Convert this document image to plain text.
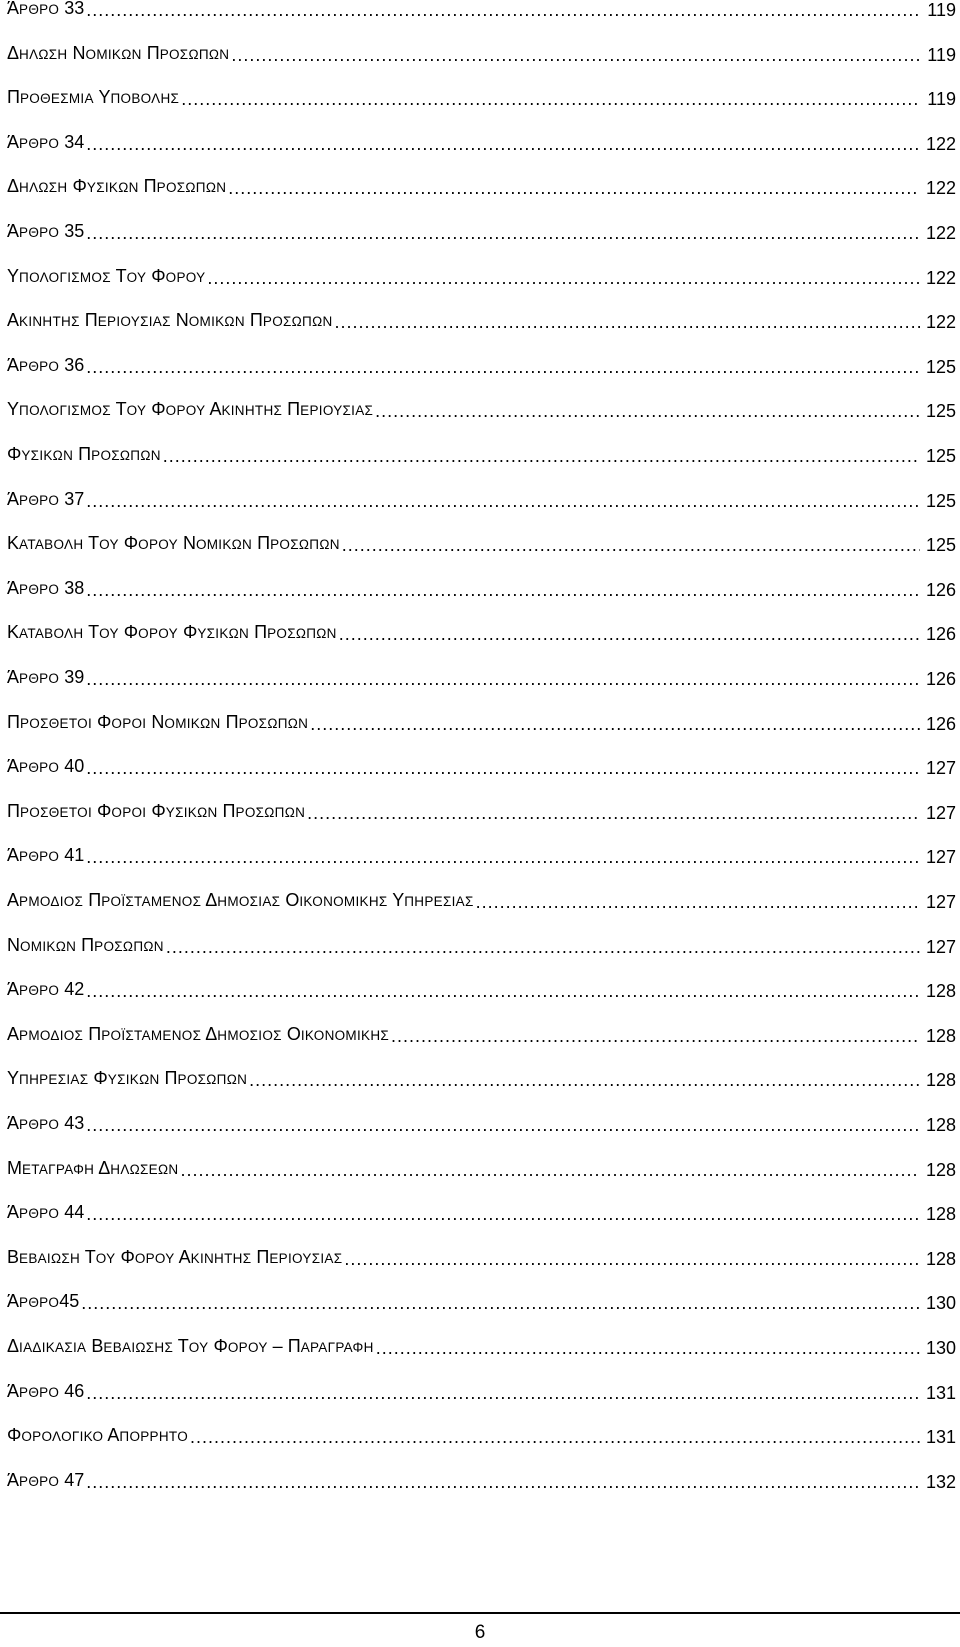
ΆΡΘΡΟ 33 .....	119
ΔΗΛΩΣΗ ΝΟΜΙΚΩΝ ΠΡΟΣΩΠΩΝ .....	119
ΠΡΟΘΕΣΜΙΑ ΥΠΟΒΟΛΗΣ .....	119
ΆΡΘΡΟ 34 .....	122
ΔΗΛΩΣΗ ΦΥΣΙΚΩΝ ΠΡΟΣΩΠΩΝ .....	122
ΆΡΘΡΟ 35 .....	122
ΥΠΟΛΟΓΙΣΜΟΣ ΤΟΥ ΦΟΡΟΥ .....	122
ΑΚΙΝΗΤΗΣ ΠΕΡΙΟΥΣΙΑΣ ΝΟΜΙΚΩΝ ΠΡΟΣΩΠΩΝ .....	122
ΆΡΘΡΟ 36 .....	125
ΥΠΟΛΟΓΙΣΜΟΣ ΤΟΥ ΦΟΡΟΥ ΑΚΙΝΗΤΗΣ ΠΕΡΙΟΥΣΙΑΣ .....	125
ΦΥΣΙΚΩΝ ΠΡΟΣΩΠΩΝ .....	125
ΆΡΘΡΟ 37 .....	125
ΚΑΤΑΒΟΛΗ ΤΟΥ ΦΟΡΟΥ ΝΟΜΙΚΩΝ ΠΡΟΣΩΠΩΝ .....	125
ΆΡΘΡΟ 38 .....	126
ΚΑΤΑΒΟΛΗ ΤΟΥ ΦΟΡΟΥ ΦΥΣΙΚΩΝ ΠΡΟΣΩΠΩΝ .....	126
ΆΡΘΡΟ 39 .....	126
ΠΡΟΣΘΕΤΟΙ ΦΟΡΟΙ ΝΟΜΙΚΩΝ ΠΡΟΣΩΠΩΝ .....	126
ΆΡΘΡΟ 40 .....	127
ΠΡΟΣΘΕΤΟΙ ΦΟΡΟΙ ΦΥΣΙΚΩΝ ΠΡΟΣΩΠΩΝ .....	127
ΆΡΘΡΟ 41 .....	127
ΑΡΜΟΔΙΟΣ ΠΡΟΪΣΤΑΜΕΝΟΣ ΔΗΜΟΣΙΑΣ ΟΙΚΟΝΟΜΙΚΗΣ ΥΠΗΡΕΣΙΑΣ .....	127
ΝΟΜΙΚΩΝ ΠΡΟΣΩΠΩΝ .....	127
ΆΡΘΡΟ 42 .....	128
ΑΡΜΟΔΙΟΣ ΠΡΟΪΣΤΑΜΕΝΟΣ ΔΗΜΟΣΙΟΣ ΟΙΚΟΝΟΜΙΚΗΣ .....	128
ΥΠΗΡΕΣΙΑΣ ΦΥΣΙΚΩΝ ΠΡΟΣΩΠΩΝ .....	128
ΆΡΘΡΟ 43 .....	128
ΜΕΤΑΓΡΑΦΗ ΔΗΛΩΣΕΩΝ .....	128
ΆΡΘΡΟ 44 .....	128
ΒΕΒΑΙΩΣΗ ΤΟΥ ΦΟΡΟΥ ΑΚΙΝΗΤΗΣ ΠΕΡΙΟΥΣΙΑΣ .....	128
ΆΡΘΡΟ45 .....	130
ΔΙΑΔΙΚΑΣΙΑ ΒΕΒΑΙΩΣΗΣ ΤΟΥ ΦΟΡΟΥ – ΠΑΡΑΓΡΑΦΗ .....	130
ΆΡΘΡΟ 46 .....	131
ΦΟΡΟΛΟΓΙΚΟ ΑΠΟΡΡΗΤΟ .....	131
ΆΡΘΡΟ 47 .....	132
6
